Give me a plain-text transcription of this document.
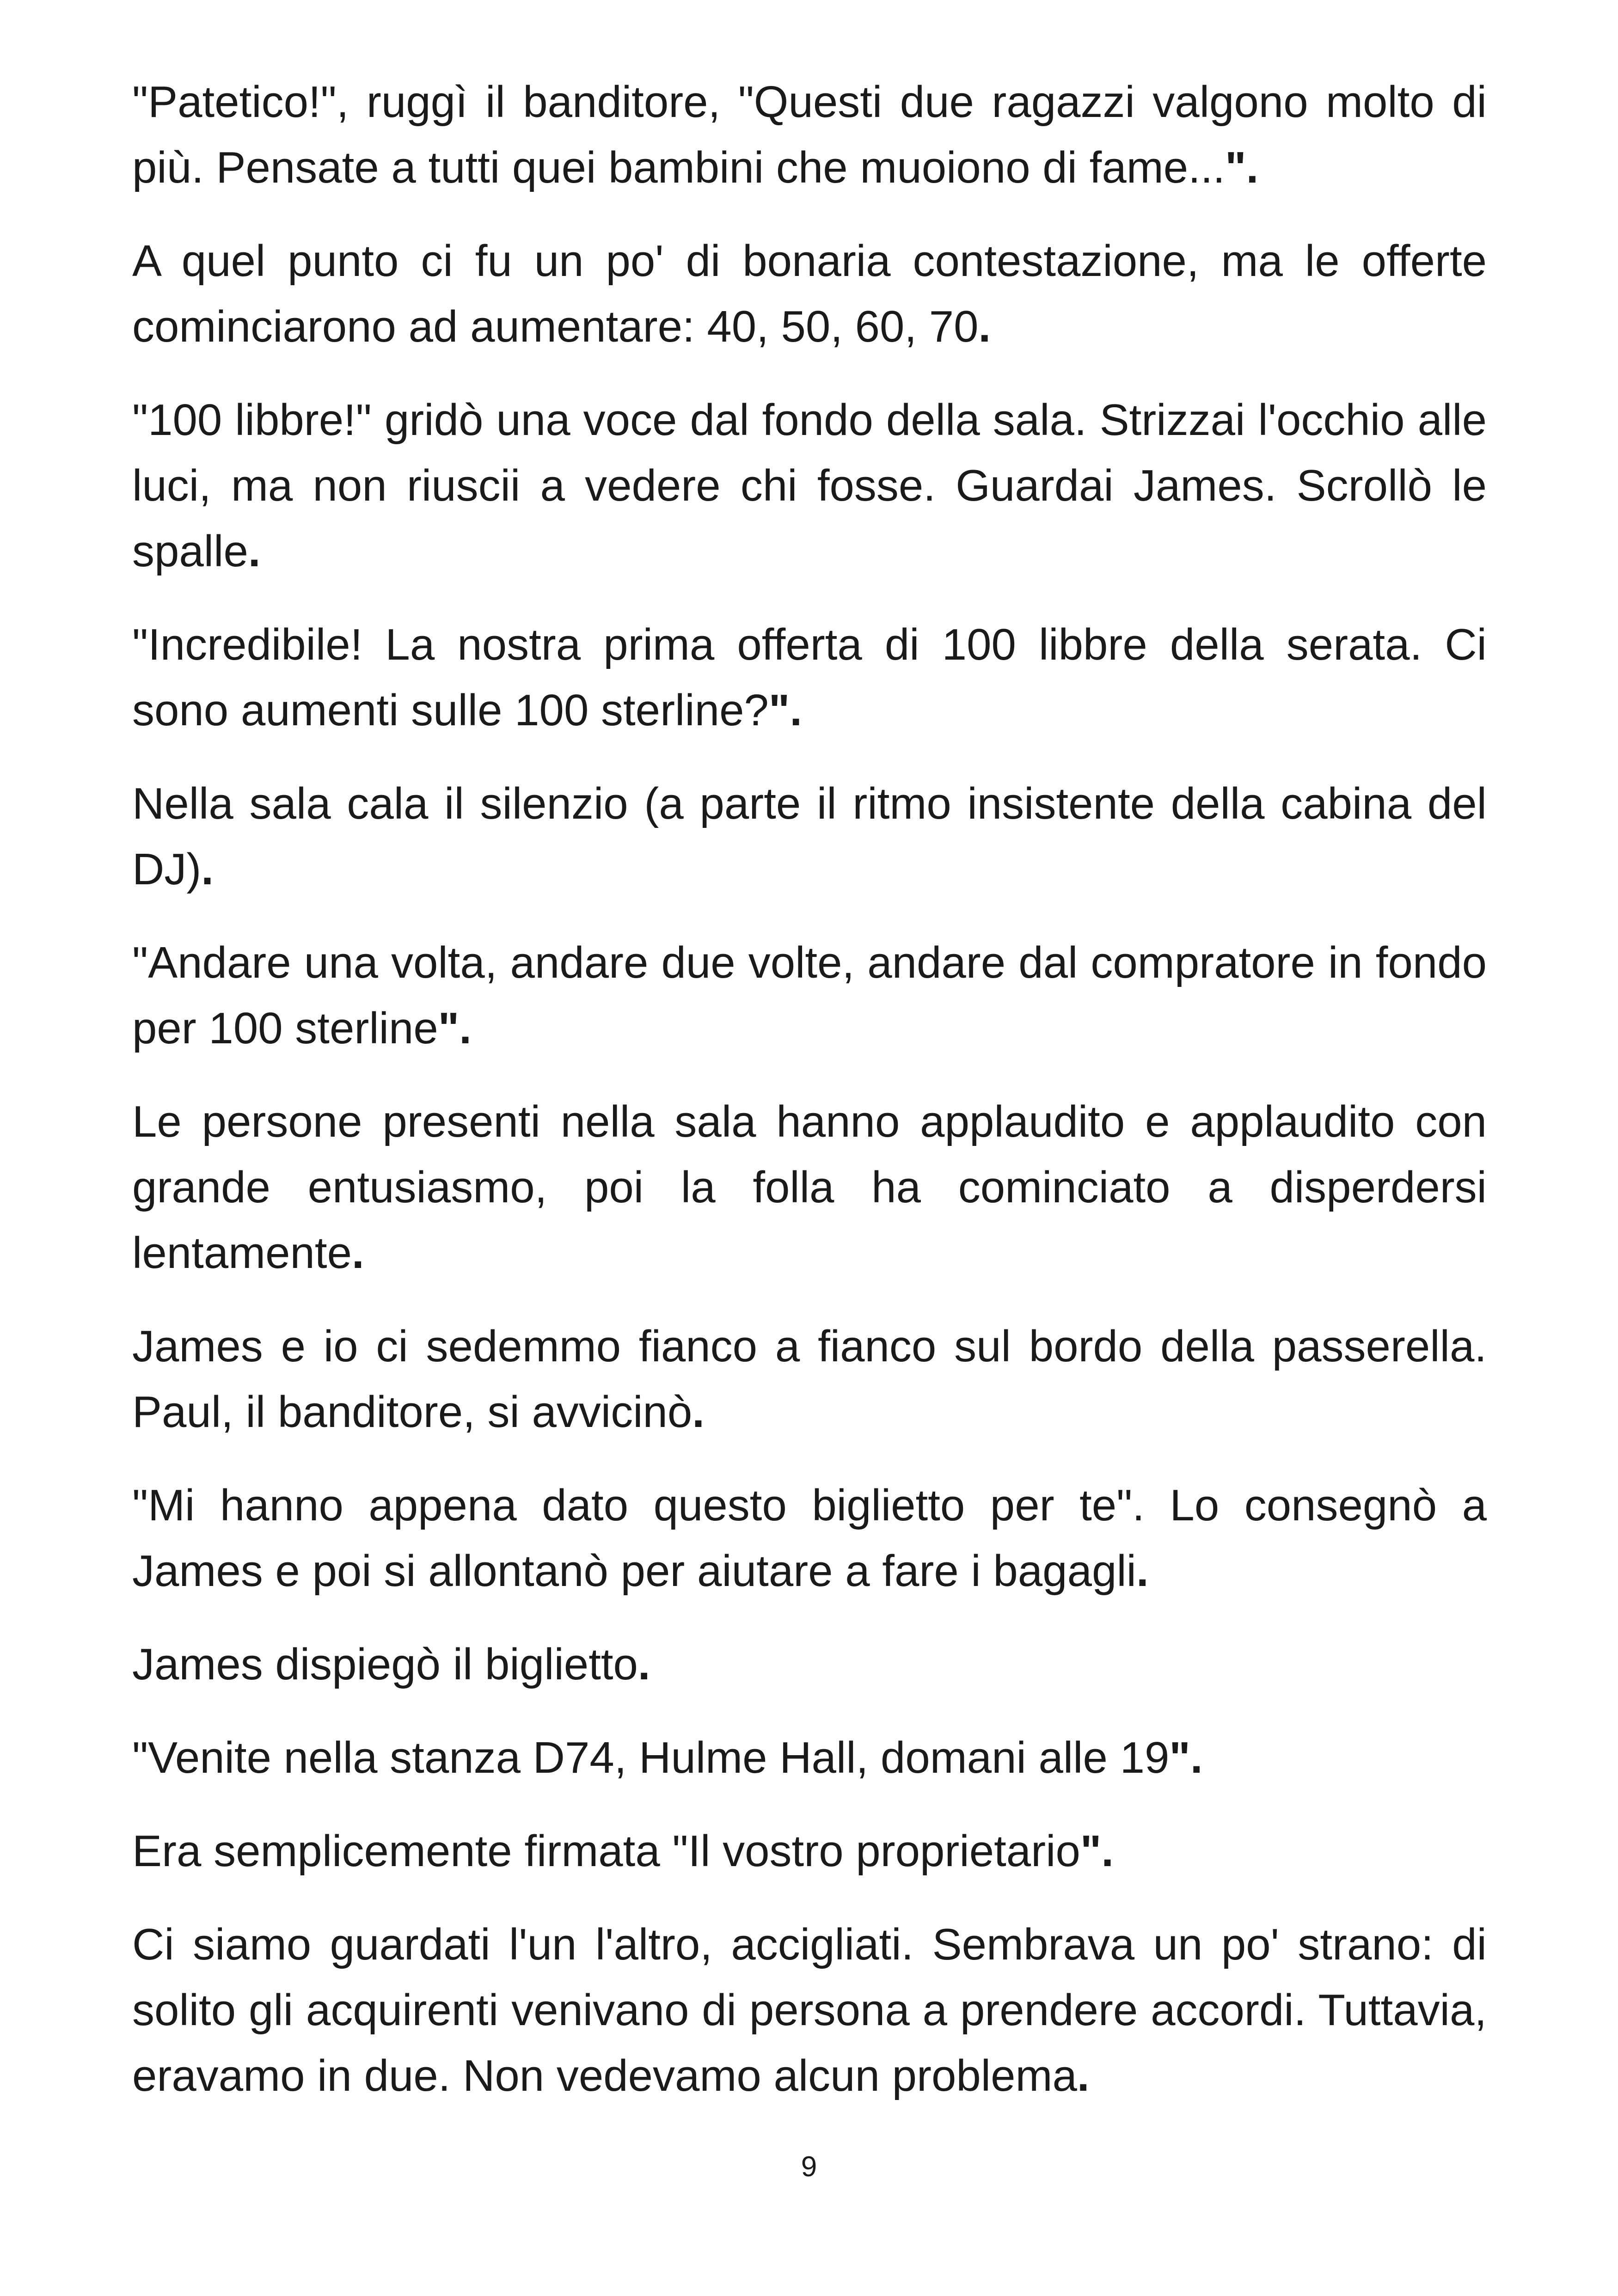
"Patetico!", ruggì il banditore, "Questi due ragazzi valgono molto di più. Pensate a tutti quei bambini che muoiono di fame...".

A quel punto ci fu un po' di bonaria contestazione, ma le offerte cominciarono ad aumentare: 40, 50, 60, 70.

"100 libbre!" gridò una voce dal fondo della sala. Strizzai l'occhio alle luci, ma non riuscii a vedere chi fosse. Guardai James. Scrollò le spalle.

"Incredibile! La nostra prima offerta di 100 libbre della serata. Ci sono aumenti sulle 100 sterline?".

Nella sala cala il silenzio (a parte il ritmo insistente della cabina del DJ).

"Andare una volta, andare due volte, andare dal compratore in fondo per 100 sterline".

Le persone presenti nella sala hanno applaudito e applaudito con grande entusiasmo, poi la folla ha cominciato a disperdersi lentamente.

James e io ci sedemmo fianco a fianco sul bordo della passerella. Paul, il banditore, si avvicinò.

"Mi hanno appena dato questo biglietto per te". Lo consegnò a James e poi si allontanò per aiutare a fare i bagagli.

James dispiegò il biglietto.

"Venite nella stanza D74, Hulme Hall, domani alle 19".

Era semplicemente firmata "Il vostro proprietario".

Ci siamo guardati l'un l'altro, accigliati. Sembrava un po' strano: di solito gli acquirenti venivano di persona a prendere accordi. Tuttavia, eravamo in due. Non vedevamo alcun problema.

9
